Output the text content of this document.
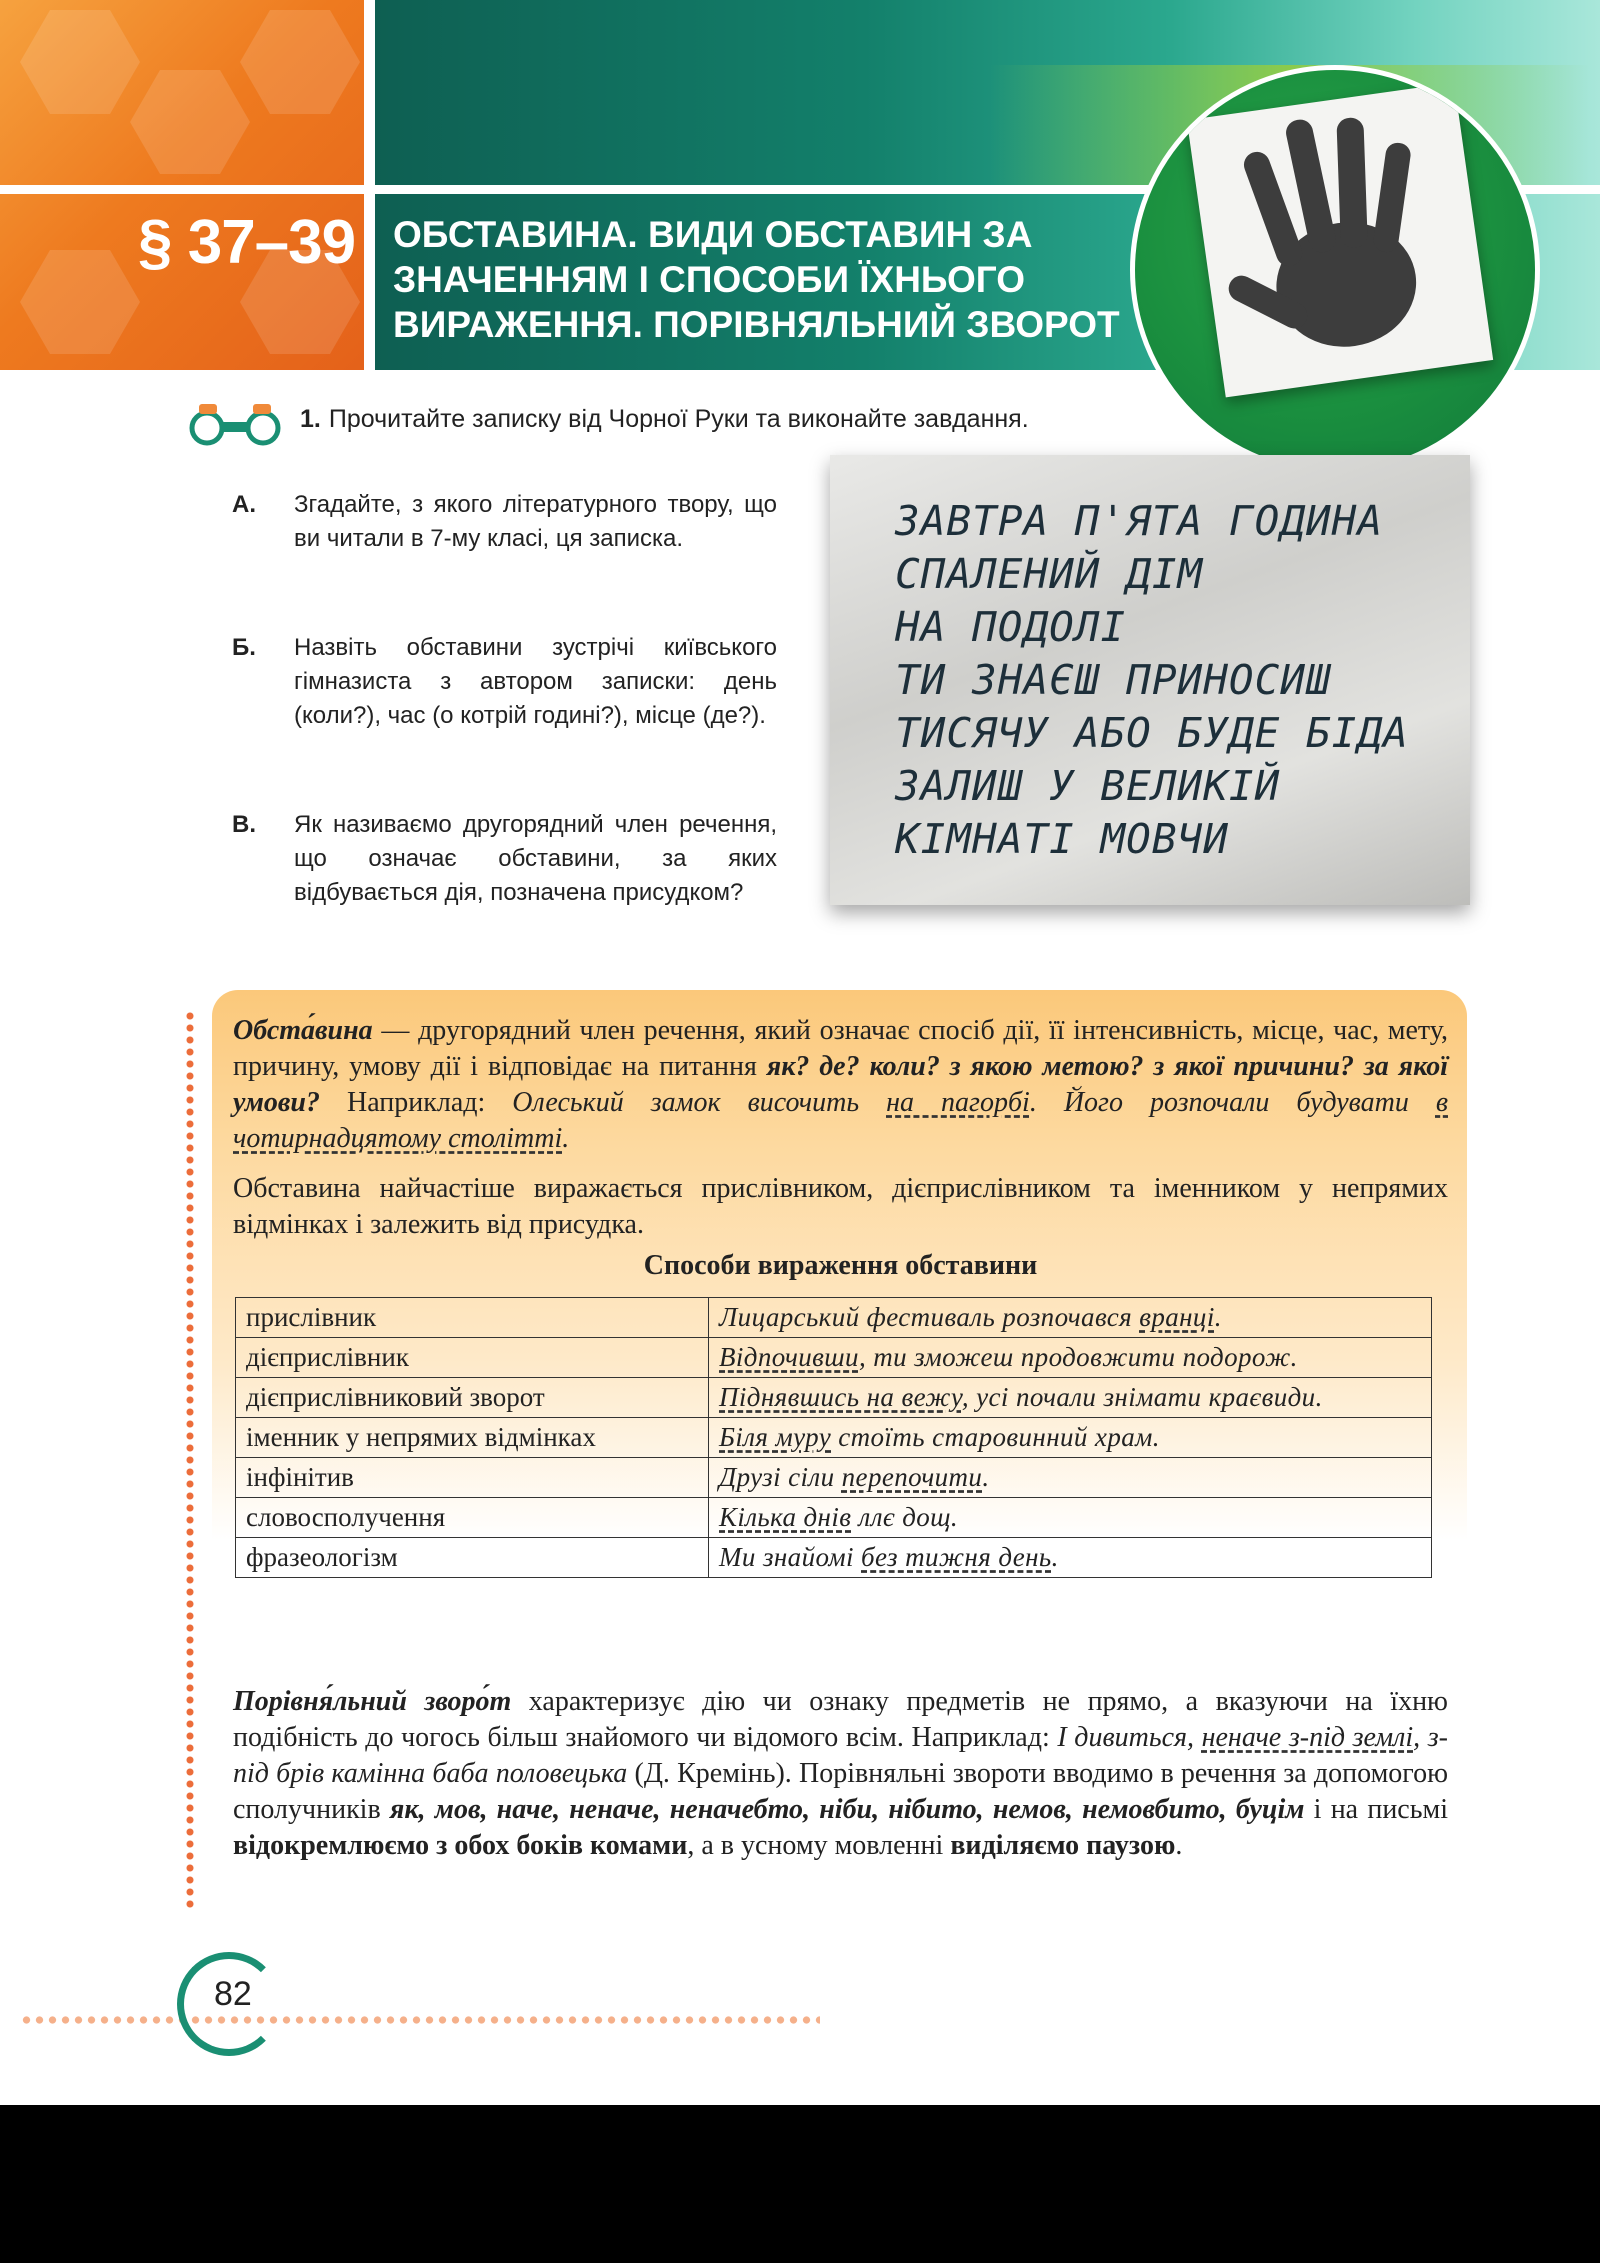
§ 37–39 ОБСТАВИНА. ВИДИ ОБСТАВИН ЗА
ЗНАЧЕННЯМ І СПОСОБИ ЇХНЬОГО
ВИРАЖЕННЯ. ПОРІВНЯЛЬНИЙ ЗВОРОТ
1. Прочитайте записку від Чорної Руки та виконайте завдання.
А. Згадайте, з якого літературного твору, що ви читали в 7-му класі, ця записка.
Б. Назвіть обставини зустрічі київського гімназиста з автором записки: день (коли?), час (о котрій годині?), місце (де?).
В. Як називаємо другорядний член речення, що означає обставини, за яких відбувається дія, позначена присудком?
ЗАВТРА П'ЯТА ГОДИНА
СПАЛЕНИЙ ДІМ
НА ПОДОЛІ
ТИ ЗНАЄШ ПРИНОСИШ
ТИСЯЧУ АБО БУДЕ БІДА
ЗАЛИШ У ВЕЛИКІЙ
КІМНАТІ МОВЧИ
Обста́вина — другорядний член речення, який означає спосіб дії, її інтенсивність, місце, час, мету, причину, умову дії і відповідає на питання як? де? коли? з якою метою? з якої причини? за якої умови? Наприклад: Олеський замок височить на пагорбі. Його розпочали будувати в чотирнадцятому столітті.
Обставина найчастіше виражається прислівником, дієприслівником та іменником у непрямих відмінках і залежить від присудка.
Способи вираження обставини
прислівник	Лицарський фестиваль розпочався вранці.
дієприслівник	Відпочивши, ти зможеш продовжити подорож.
дієприслівниковий зворот	Піднявшись на вежу, усі почали знімати краєвиди.
іменник у непрямих відмінках	Біля муру стоїть старовинний храм.
інфінітив	Друзі сіли перепочити.
словосполучення	Кілька днів ллє дощ.
фразеологізм	Ми знайомі без тижня день.
Порівня́льний зворо́т характеризує дію чи ознаку предметів не прямо, а вказуючи на їхню подібність до чогось більш знайомого чи відомого всім. Наприклад: І дивиться, неначе з-під землі, з-під брів камінна баба половецька (Д. Кремінь). Порівняльні звороти вводимо в речення за допомогою сполучників як, мов, наче, неначе, неначебто, ніби, нібито, немов, немовбито, буцім і на письмі відокремлюємо з обох боків комами, а в усному мовленні виділяємо паузою.
82
